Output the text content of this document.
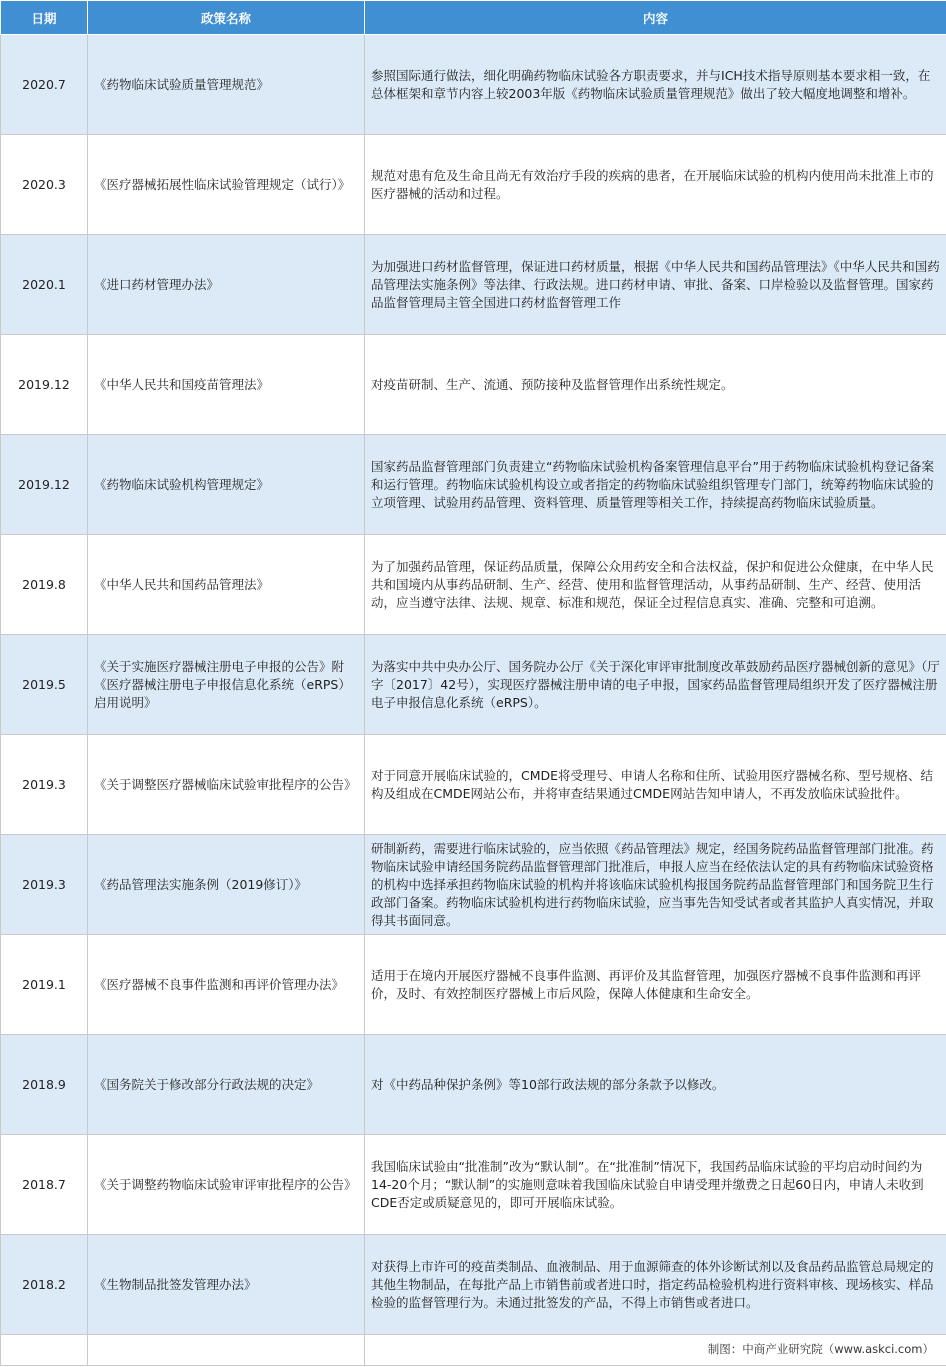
日期	政策名称	内容
2020.7	《药物临床试验质量管理规范》	参照国际通行做法，细化明确药物临床试验各方职责要求，并与ICH技术指导原则基本要求相一致，在总体框架和章节内容上较2003年版《药物临床试验质量管理规范》做出了较大幅度地调整和增补。
2020.3	《医疗器械拓展性临床试验管理规定（试行）》	规范对患有危及生命且尚无有效治疗手段的疾病的患者，在开展临床试验的机构内使用尚未批准上市的医疗器械的活动和过程。
2020.1	《进口药材管理办法》	为加强进口药材监督管理，保证进口药材质量，根据《中华人民共和国药品管理法》《中华人民共和国药品管理法实施条例》等法律、行政法规。进口药材申请、审批、备案、口岸检验以及监督管理。国家药品监督管理局主管全国进口药材监督管理工作
2019.12	《中华人民共和国疫苗管理法》	对疫苗研制、生产、流通、预防接种及监督管理作出系统性规定。
2019.12	《药物临床试验机构管理规定》	国家药品监督管理部门负责建立“药物临床试验机构备案管理信息平台”用于药物临床试验机构登记备案和运行管理。药物临床试验机构设立或者指定的药物临床试验组织管理专门部门，统筹药物临床试验的立项管理、试验用药品管理、资料管理、质量管理等相关工作，持续提高药物临床试验质量。
2019.8	《中华人民共和国药品管理法》	为了加强药品管理，保证药品质量，保障公众用药安全和合法权益，保护和促进公众健康，在中华人民共和国境内从事药品研制、生产、经营、使用和监督管理活动，从事药品研制、生产、经营、使用活动，应当遵守法律、法规、规章、标准和规范，保证全过程信息真实、准确、完整和可追溯。
2019.5	《关于实施医疗器械注册电子申报的公告》附《医疗器械注册电子申报信息化系统（eRPS）启用说明》	为落实中共中央办公厅、国务院办公厅《关于深化审评审批制度改革鼓励药品医疗器械创新的意见》（厅字〔2017〕42号），实现医疗器械注册申请的电子申报，国家药品监督管理局组织开发了医疗器械注册电子申报信息化系统（eRPS）。
2019.3	《关于调整医疗器械临床试验审批程序的公告》	对于同意开展临床试验的，CMDE将受理号、申请人名称和住所、试验用医疗器械名称、型号规格、结构及组成在CMDE网站公布，并将审查结果通过CMDE网站告知申请人，不再发放临床试验批件。
2019.3	《药品管理法实施条例（2019修订）》	研制新药，需要进行临床试验的，应当依照《药品管理法》规定，经国务院药品监督管理部门批准。药物临床试验申请经国务院药品监督管理部门批准后，申报人应当在经依法认定的具有药物临床试验资格的机构中选择承担药物临床试验的机构并将该临床试验机构报国务院药品监督管理部门和国务院卫生行政部门备案。药物临床试验机构进行药物临床试验，应当事先告知受试者或者其监护人真实情况，并取得其书面同意。
2019.1	《医疗器械不良事件监测和再评价管理办法》	适用于在境内开展医疗器械不良事件监测、再评价及其监督管理，加强医疗器械不良事件监测和再评价，及时、有效控制医疗器械上市后风险，保障人体健康和生命安全。
2018.9	《国务院关于修改部分行政法规的决定》	对《中药品种保护条例》等10部行政法规的部分条款予以修改。
2018.7	《关于调整药物临床试验审评审批程序的公告》	我国临床试验由“批准制”改为“默认制”。在“批准制”情况下，我国药品临床试验的平均启动时间约为14-20个月；“默认制”的实施则意味着我国临床试验自申请受理并缴费之日起60日内，申请人未收到CDE否定或质疑意见的，即可开展临床试验。
2018.2	《生物制品批签发管理办法》	对获得上市许可的疫苗类制品、血液制品、用于血源筛查的体外诊断试剂以及食品药品监管总局规定的其他生物制品，在每批产品上市销售前或者进口时，指定药品检验机构进行资料审核、现场核实、样品检验的监督管理行为。未通过批签发的产品，不得上市销售或者进口。

制图：中商产业研究院（www.askci.com）
